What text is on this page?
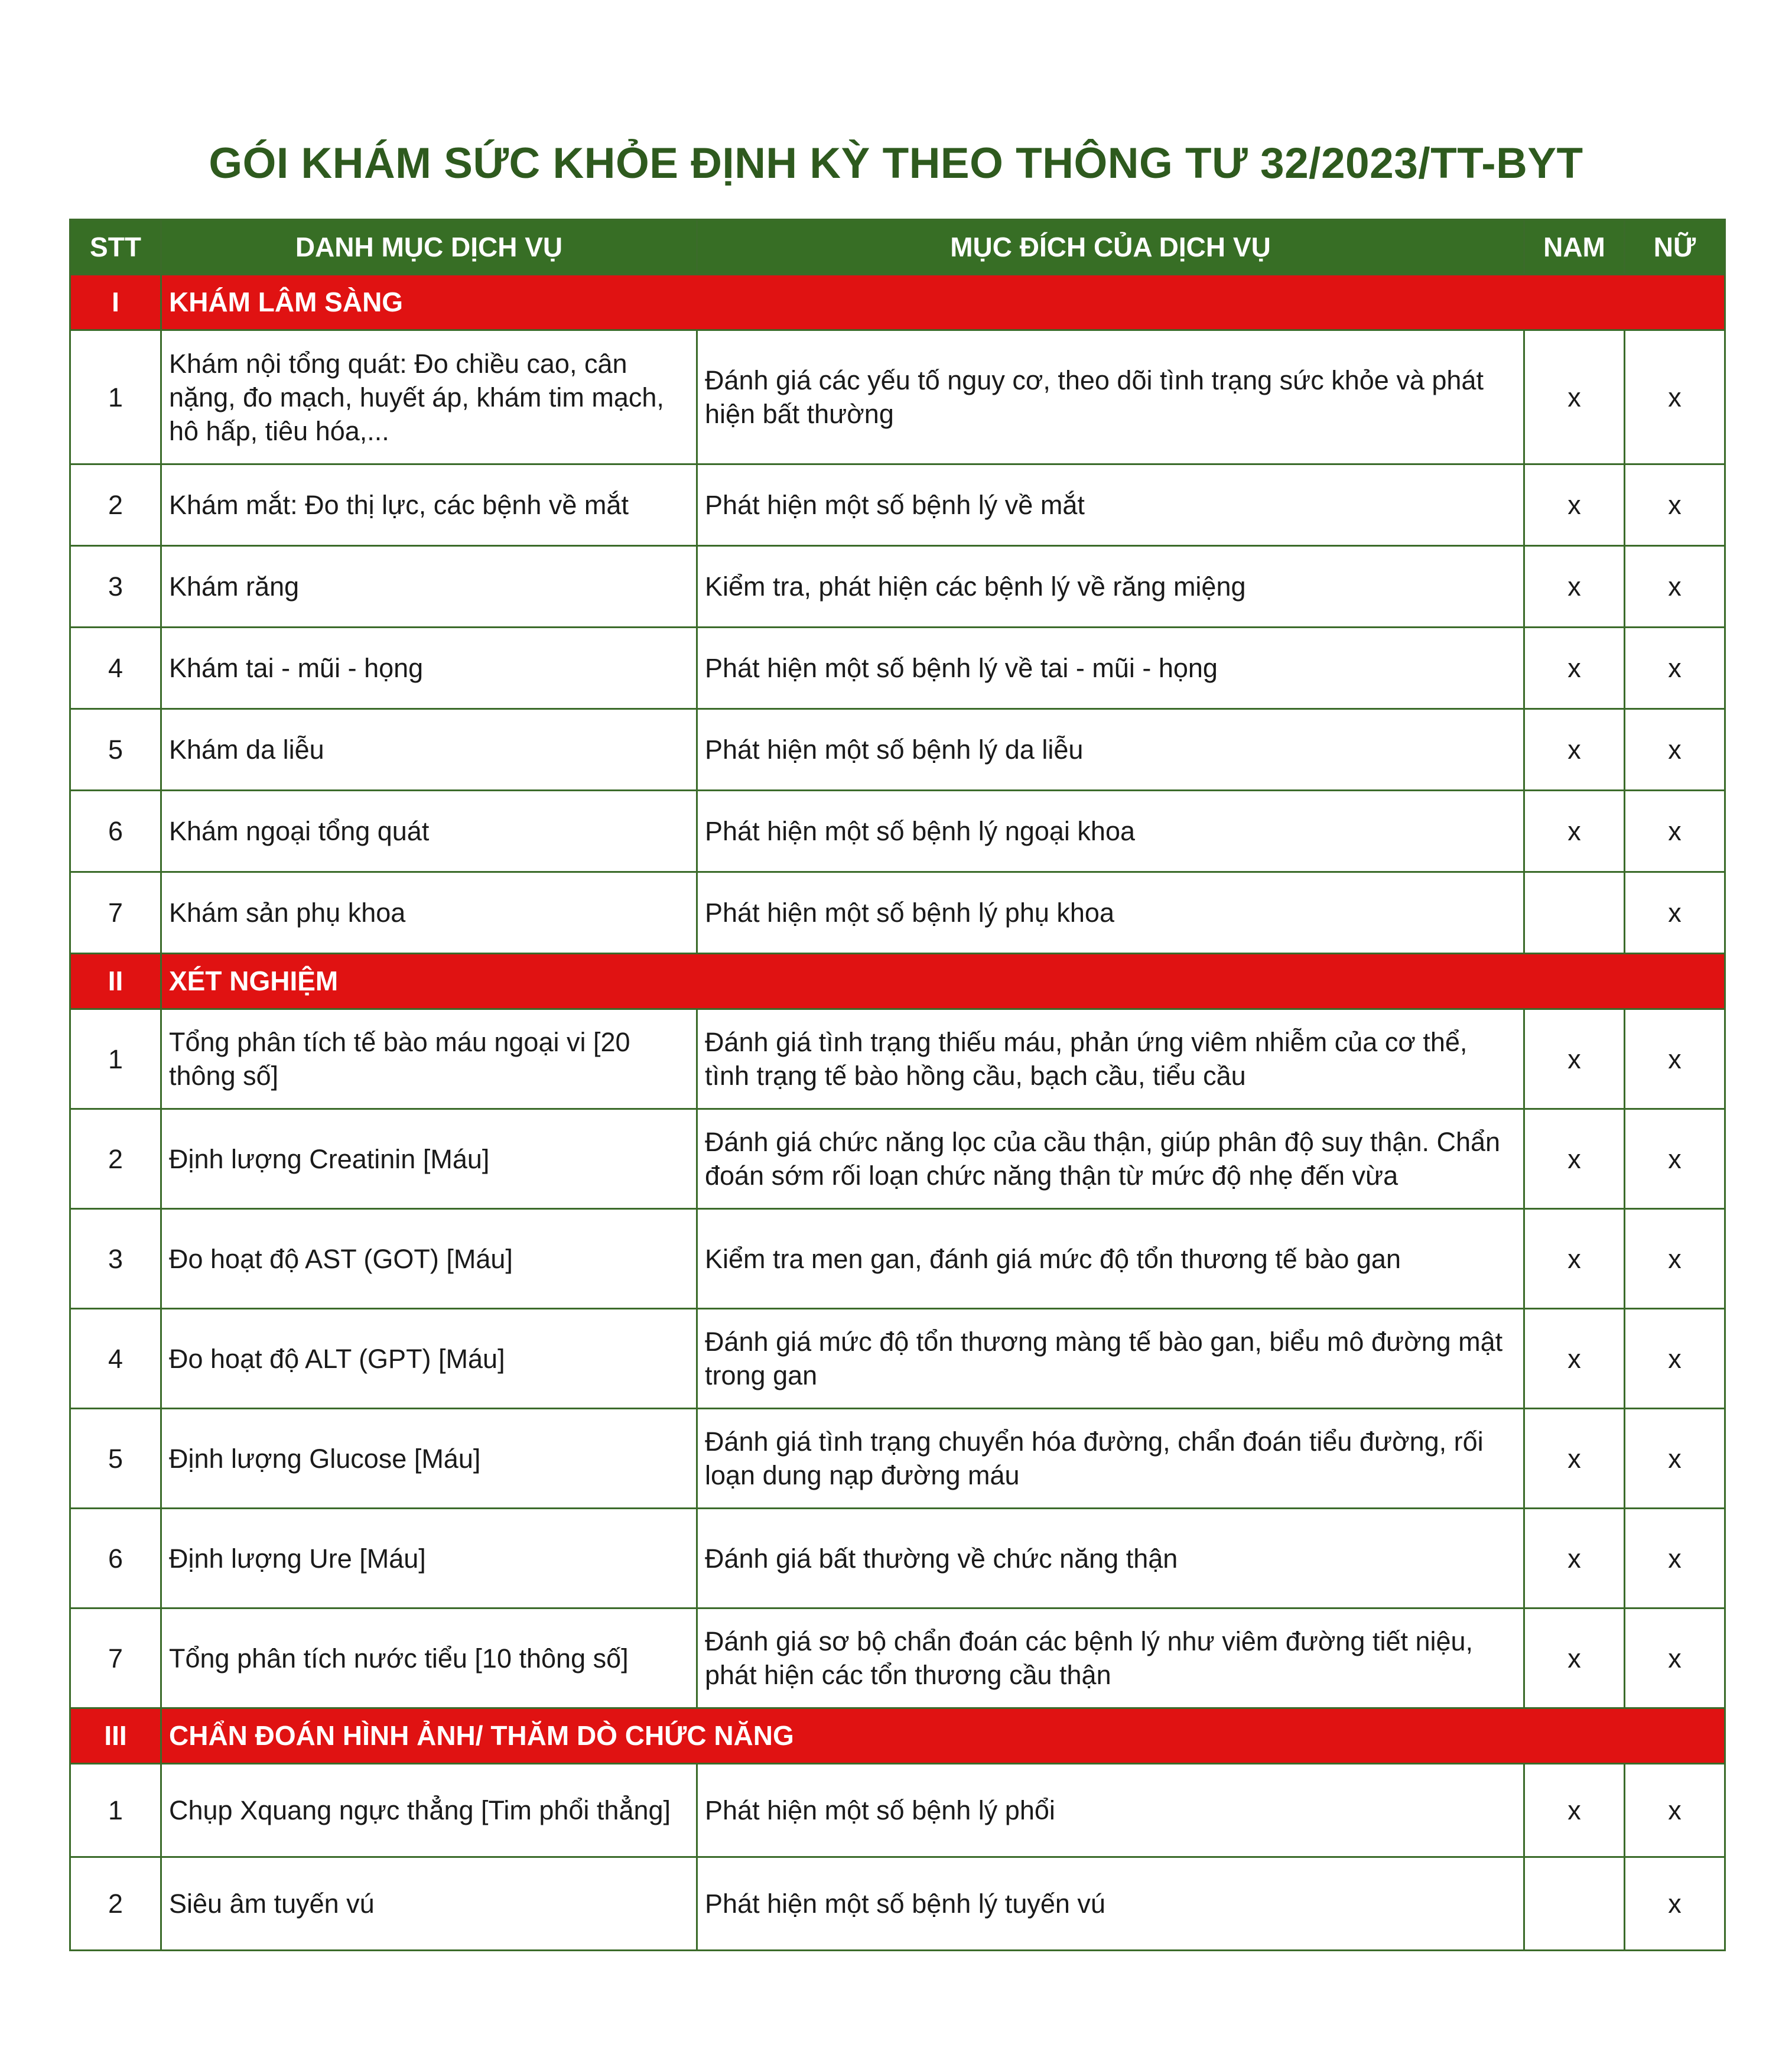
GÓI KHÁM SỨC KHỎE ĐỊNH KỲ THEO THÔNG TƯ 32/2023/TT-BYT
STT	DANH MỤC DỊCH VỤ	MỤC ĐÍCH CỦA DỊCH VỤ	NAM	NỮ
I	KHÁM LÂM SÀNG			
1	Khám nội tổng quát: Đo chiều cao, cân nặng, đo mạch, huyết áp, khám tim mạch, hô hấp, tiêu hóa,...	Đánh giá các yếu tố nguy cơ, theo dõi tình trạng sức khỏe và phát hiện bất thường	x	x
2	Khám mắt: Đo thị lực, các bệnh về mắt	Phát hiện một số bệnh lý về mắt	x	x
3	Khám răng	Kiểm tra, phát hiện các bệnh lý về răng miệng	x	x
4	Khám tai - mũi - họng	Phát hiện một số bệnh lý về tai - mũi - họng	x	x
5	Khám da liễu	Phát hiện một số bệnh lý da liễu	x	x
6	Khám ngoại tổng quát	Phát hiện một số bệnh lý ngoại khoa	x	x
7	Khám sản phụ khoa	Phát hiện một số bệnh lý phụ khoa		x
II	XÉT NGHIỆM			
1	Tổng phân tích tế bào máu ngoại vi [20 thông số]	Đánh giá tình trạng thiếu máu, phản ứng viêm nhiễm của cơ thể, tình trạng tế bào hồng cầu, bạch cầu, tiểu cầu	x	x
2	Định lượng Creatinin [Máu]	Đánh giá chức năng lọc của cầu thận, giúp phân độ suy thận. Chẩn đoán sớm rối loạn chức năng thận từ mức độ nhẹ đến vừa	x	x
3	Đo hoạt độ AST (GOT) [Máu]	Kiểm tra men gan, đánh giá mức độ tổn thương tế bào gan	x	x
4	Đo hoạt độ ALT (GPT) [Máu]	Đánh giá mức độ tổn thương màng tế bào gan, biểu mô đường mật trong gan	x	x
5	Định lượng Glucose [Máu]	Đánh giá tình trạng chuyển hóa đường, chẩn đoán tiểu đường, rối loạn dung nạp đường máu	x	x
6	Định lượng Ure [Máu]	Đánh giá bất thường về chức năng thận	x	x
7	Tổng phân tích nước tiểu [10 thông số]	Đánh giá sơ bộ chẩn đoán các bệnh lý như viêm đường tiết niệu, phát hiện các tổn thương cầu thận	x	x
III	CHẨN ĐOÁN HÌNH ẢNH/ THĂM DÒ CHỨC NĂNG			
1	Chụp Xquang ngực thẳng [Tim phổi thẳng]	Phát hiện một số bệnh lý phổi	x	x
2	Siêu âm tuyến vú	Phát hiện một số bệnh lý tuyến vú		x
